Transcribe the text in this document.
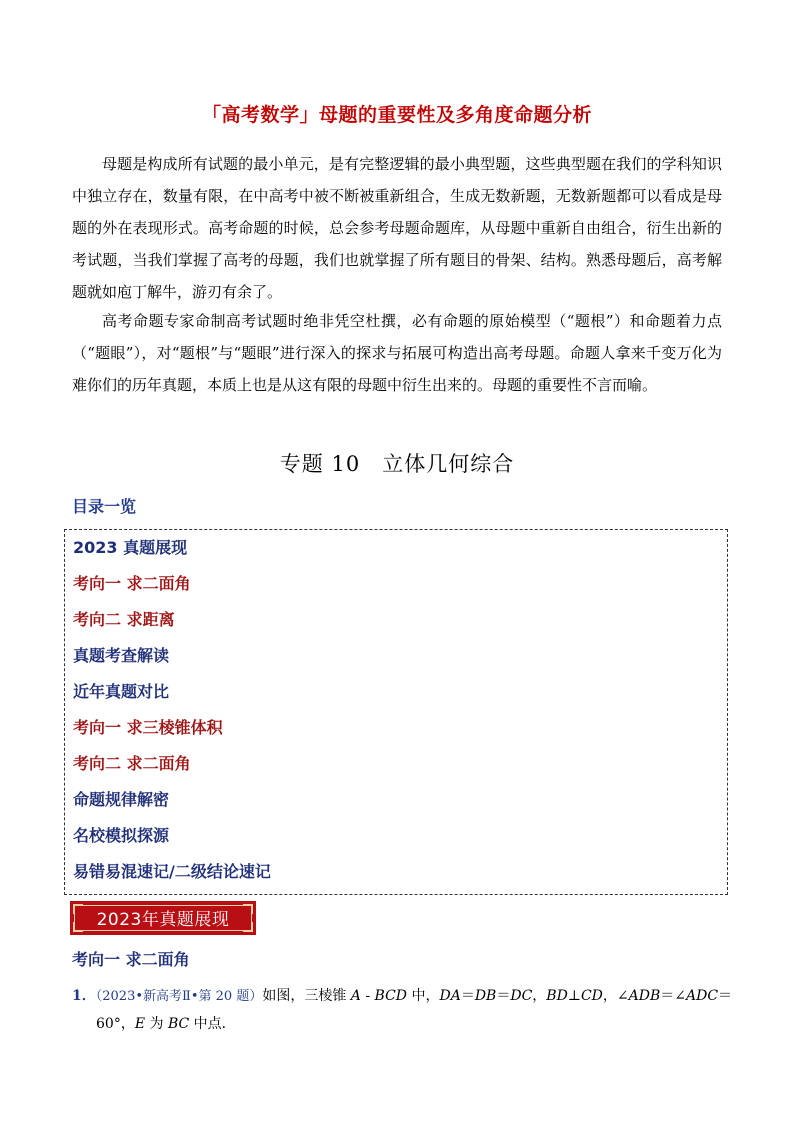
「高考数学」母题的重要性及多角度命题分析

母题是构成所有试题的最小单元，是有完整逻辑的最小典型题，这些典型题在我们的学科知识中独立存在，数量有限，在中高考中被不断被重新组合，生成无数新题，无数新题都可以看成是母题的外在表现形式。高考命题的时候，总会参考母题命题库，从母题中重新自由组合，衍生出新的考试题，当我们掌握了高考的母题，我们也就掌握了所有题目的骨架、结构。熟悉母题后，高考解题就如庖丁解牛，游刃有余了。

高考命题专家命制高考试题时绝非凭空杜撰，必有命题的原始模型（“题根”）和命题着力点（“题眼”），对“题根”与“题眼”进行深入的探求与拓展可构造出高考母题。命题人拿来千变万化为难你们的历年真题，本质上也是从这有限的母题中衍生出来的。母题的重要性不言而喻。

专题 10　立体几何综合
目录一览
2023 真题展现
考向一 求二面角
考向二 求距离
真题考查解读
近年真题对比
考向一 求三棱锥体积
考向二 求二面角
命题规律解密
名校模拟探源
易错易混速记/二级结论速记
2023年真题展现
考向一 求二面角
1．（2023•新高考Ⅱ•第 20 题）如图，三棱锥 A - BCD 中，DA＝DB＝DC，BD⊥CD，∠ADB＝∠ADC＝
60°，E 为 BC 中点．
